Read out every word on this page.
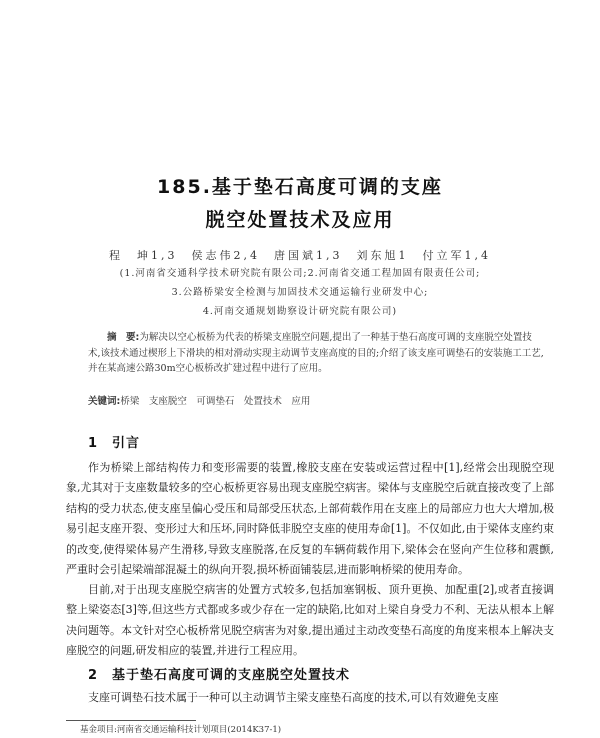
185.基于垫石高度可调的支座
脱空处置技术及应用
程　坤1,3　侯志伟2,4　唐国斌1,3　刘东旭1　付立军1,4
(1.河南省交通科学技术研究院有限公司;2.河南省交通工程加固有限责任公司;
3.公路桥梁安全检测与加固技术交通运输行业研发中心;
4.河南交通规划勘察设计研究院有限公司)
摘　要:为解决以空心板桥为代表的桥梁支座脱空问题,提出了一种基于垫石高度可调的支座脱空处置技术,该技术通过楔形上下滑块的相对滑动实现主动调节支座高度的目的;介绍了该支座可调垫石的安装施工工艺,并在某高速公路30m空心板桥改扩建过程中进行了应用。
关键词:桥梁　支座脱空　可调垫石　处置技术　应用
1　引言
作为桥梁上部结构传力和变形需要的装置,橡胶支座在安装或运营过程中[1],经常会出现脱空现象,尤其对于支座数量较多的空心板桥更容易出现支座脱空病害。梁体与支座脱空后就直接改变了上部结构的受力状态,使支座呈偏心受压和局部受压状态,上部荷载作用在支座上的局部应力也大大增加,极易引起支座开裂、变形过大和压坏,同时降低非脱空支座的使用寿命[1]。不仅如此,由于梁体支座约束的改变,使得梁体易产生滑移,导致支座脱落,在反复的车辆荷载作用下,梁体会在竖向产生位移和震颤,严重时会引起梁端部混凝土的纵向开裂,损坏桥面铺装层,进而影响桥梁的使用寿命。
目前,对于出现支座脱空病害的处置方式较多,包括加塞钢板、顶升更换、加配重[2],或者直接调整上梁姿态[3]等,但这些方式都或多或少存在一定的缺陷,比如对上梁自身受力不利、无法从根本上解决问题等。本文针对空心板桥常见脱空病害为对象,提出通过主动改变垫石高度的角度来根本上解决支座脱空的问题,研发相应的装置,并进行工程应用。
2　基于垫石高度可调的支座脱空处置技术
支座可调垫石技术属于一种可以主动调节主梁支座垫石高度的技术,可以有效避免支座
基金项目:河南省交通运输科技计划项目(2014K37-1)
